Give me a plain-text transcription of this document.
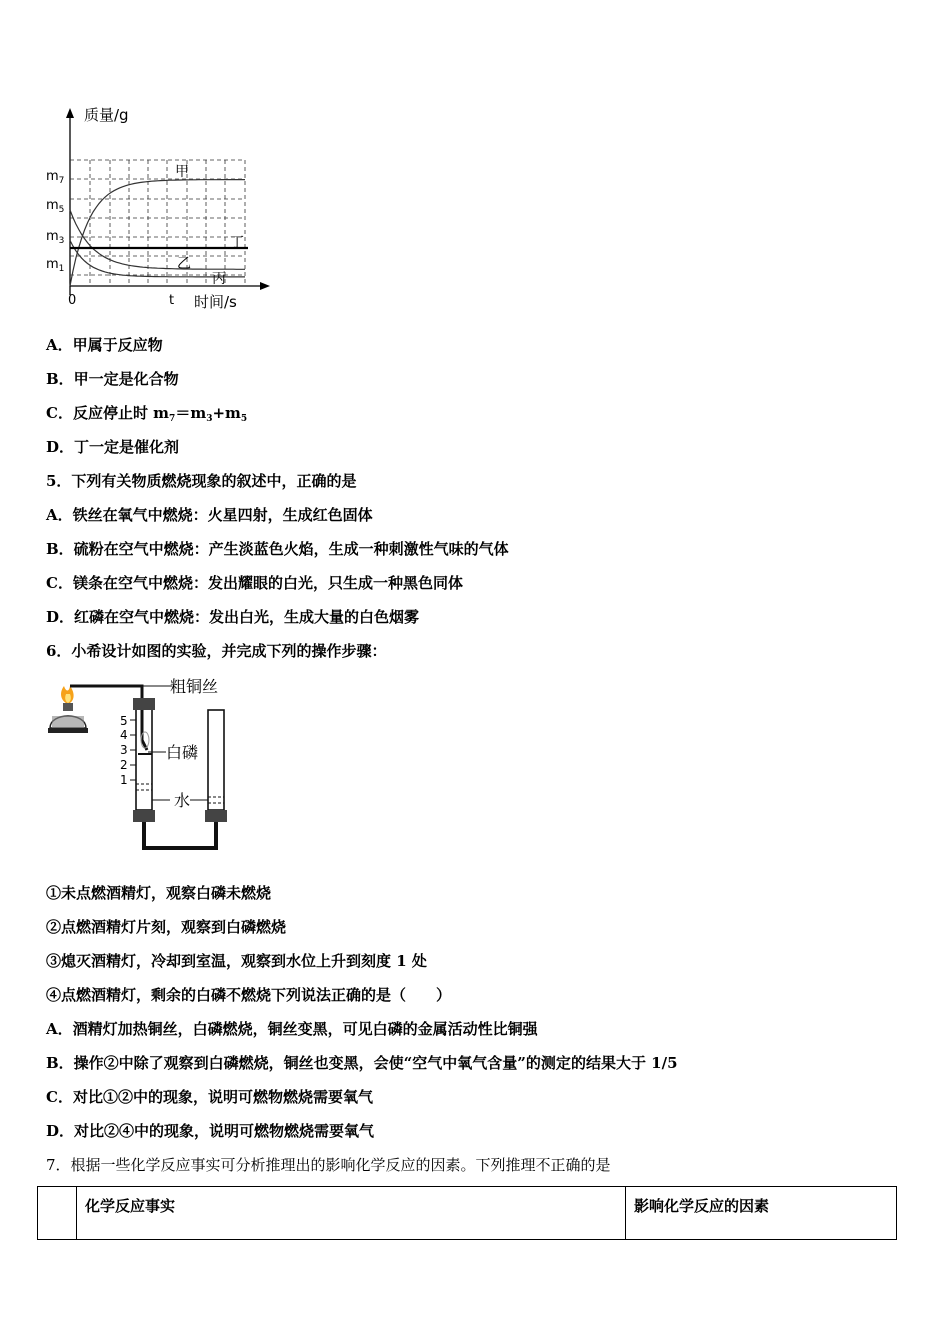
质量/g
时间/s
0	t
$m_7$
$m_5$
$m_3$
$m_1$
甲
丁
乙
丙
A．甲属于反应物
B．甲一定是化合物
C．反应停止时 $m_7=m_3+m_5$
D．丁一定是催化剂
5．下列有关物质燃烧现象的叙述中，正确的是
A．铁丝在氧气中燃烧：火星四射，生成红色固体
B．硫粉在空气中燃烧：产生淡蓝色火焰，生成一种刺激性气味的气体
C．镁条在空气中燃烧：发出耀眼的白光，只生成一种黑色同体
D．红磷在空气中燃烧：发出白光，生成大量的白色烟雾
6．小希设计如图的实验，并完成下列的操作步骤：
粗铜丝
5
4
3
2
1
白磷
水
①未点燃酒精灯，观察白磷未燃烧
②点燃酒精灯片刻，观察到白磷燃烧
③熄灭酒精灯，冷却到室温，观察到水位上升到刻度 1 处
④点燃酒精灯，剩余的白磷不燃烧下列说法正确的是（　　）
A．酒精灯加热铜丝，白磷燃烧，铜丝变黑，可见白磷的金属活动性比铜强
B．操作②中除了观察到白磷燃烧，铜丝也变黑，会使“空气中氧气含量”的测定的结果大于 1/5
C．对比①②中的现象，说明可燃物燃烧需要氧气
D．对比②④中的现象，说明可燃物燃烧需要氧气
7．根据一些化学反应事实可分析推理出的影响化学反应的因素。下列推理不正确的是
	化学反应事实	影响化学反应的因素
